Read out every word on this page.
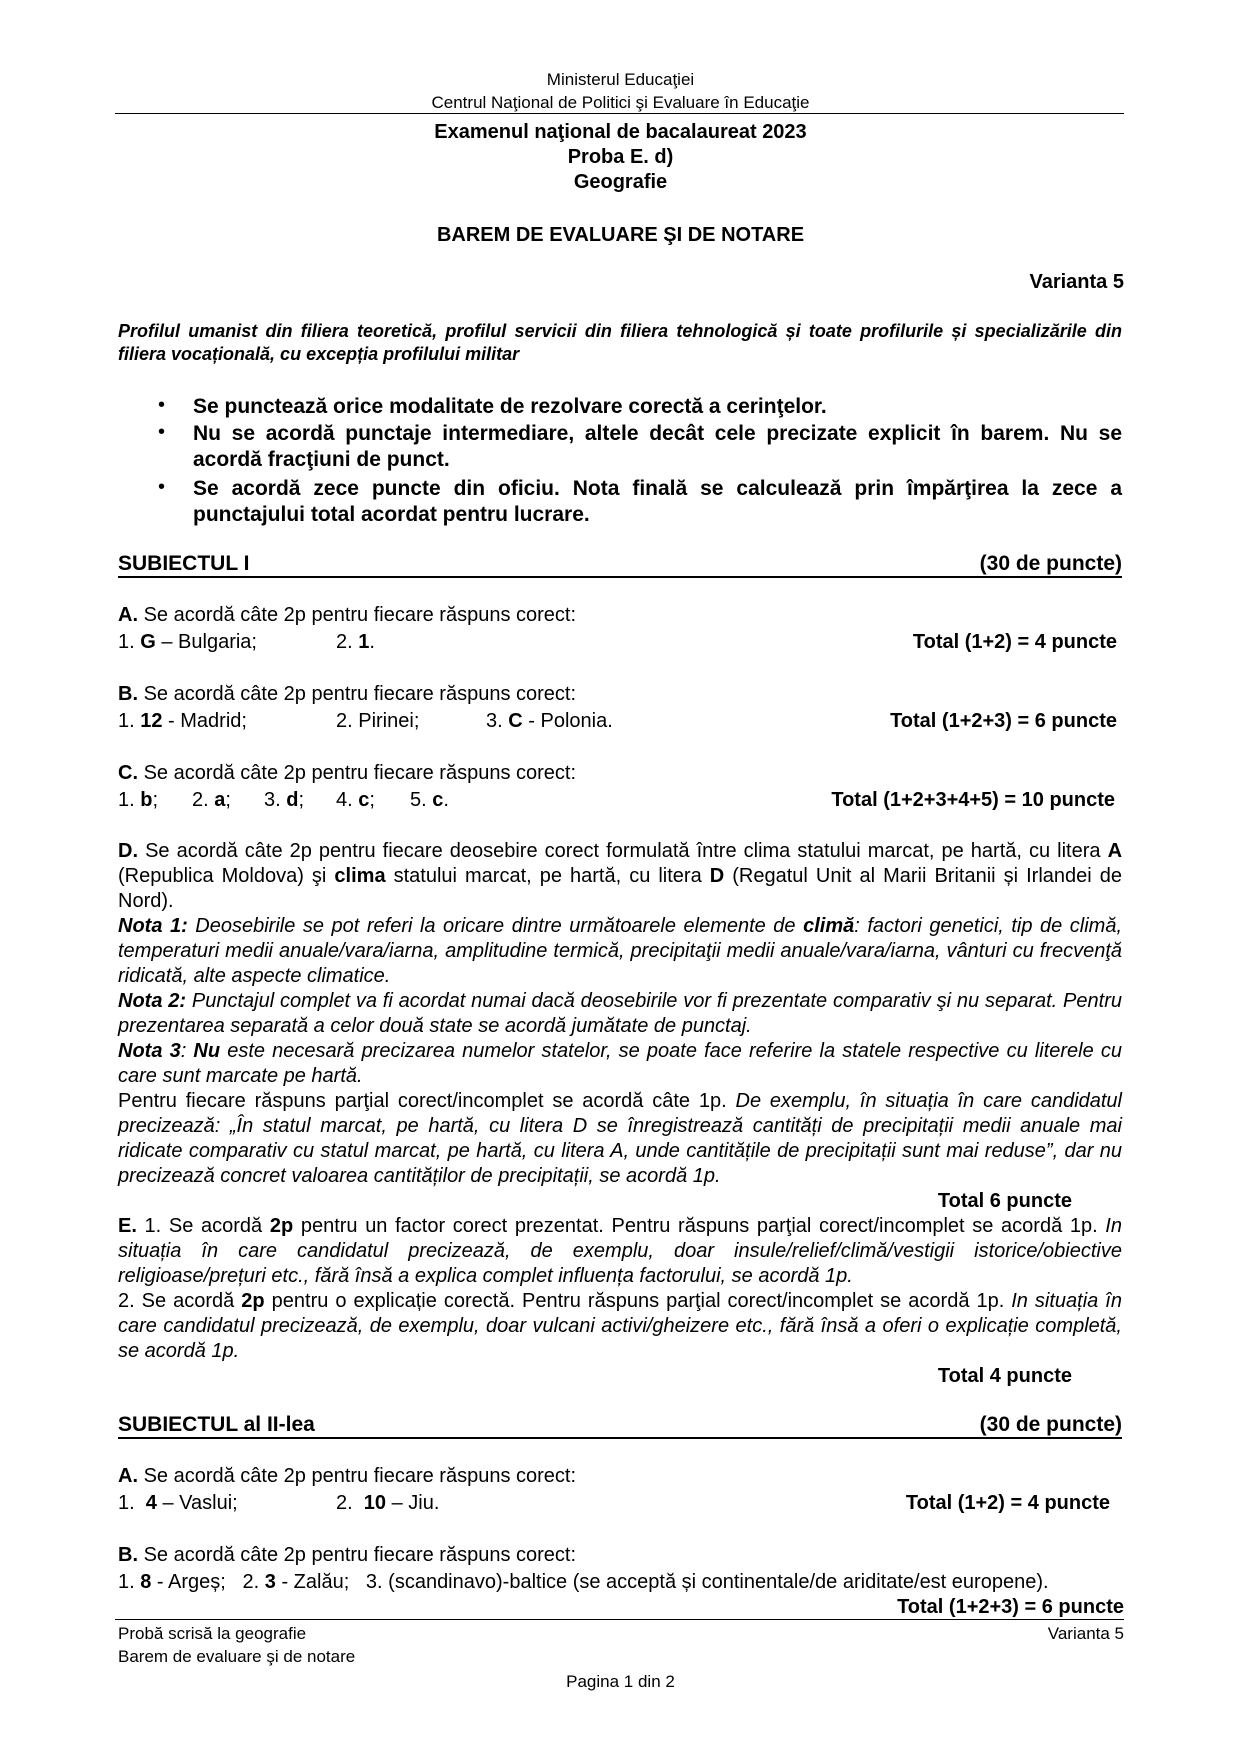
Ministerul Educaţiei
Centrul Naţional de Politici şi Evaluare în Educaţie
Examenul naţional de bacalaureat 2023
Proba E. d)
Geografie
BAREM DE EVALUARE ŞI DE NOTARE
Varianta 5
Profilul umanist din filiera teoretică, profilul servicii din filiera tehnologică și toate profilurile și specializările din filiera vocațională, cu excepția profilului militar
• Se punctează orice modalitate de rezolvare corectă a cerinţelor.
• Nu se acordă punctaje intermediare, altele decât cele precizate explicit în barem. Nu se acordă fracţiuni de punct.
• Se acordă zece puncte din oficiu. Nota finală se calculează prin împărţirea la zece a punctajului total acordat pentru lucrare.
SUBIECTUL I	(30 de puncte)
A. Se acordă câte 2p pentru fiecare răspuns corect:
1. G – Bulgaria;	2. 1.	Total (1+2) = 4 puncte
B. Se acordă câte 2p pentru fiecare răspuns corect:
1. 12 - Madrid;	2. Pirinei;	3. C - Polonia.	Total (1+2+3) = 6 puncte
C. Se acordă câte 2p pentru fiecare răspuns corect:
1. b; 2. a; 3. d; 4. c; 5. c.	Total (1+2+3+4+5) = 10 puncte
D. Se acordă câte 2p pentru fiecare deosebire corect formulată între clima statului marcat, pe hartă, cu litera A (Republica Moldova) şi clima statului marcat, pe hartă, cu litera D (Regatul Unit al Marii Britanii și Irlandei de Nord).
Nota 1: Deosebirile se pot referi la oricare dintre următoarele elemente de climă: factori genetici, tip de climă, temperaturi medii anuale/vara/iarna, amplitudine termică, precipitaţii medii anuale/vara/iarna, vânturi cu frecvenţă ridicată, alte aspecte climatice.
Nota 2: Punctajul complet va fi acordat numai dacă deosebirile vor fi prezentate comparativ şi nu separat. Pentru prezentarea separată a celor două state se acordă jumătate de punctaj.
Nota 3: Nu este necesară precizarea numelor statelor, se poate face referire la statele respective cu literele cu care sunt marcate pe hartă.
Pentru fiecare răspuns parţial corect/incomplet se acordă câte 1p. De exemplu, în situația în care candidatul precizează: „În statul marcat, pe hartă, cu litera D se înregistrează cantități de precipitații medii anuale mai ridicate comparativ cu statul marcat, pe hartă, cu litera A, unde cantitățile de precipitații sunt mai reduse”, dar nu precizează concret valoarea cantităților de precipitații, se acordă 1p.
Total 6 puncte
E. 1. Se acordă 2p pentru un factor corect prezentat. Pentru răspuns parţial corect/incomplet se acordă 1p. In situația în care candidatul precizează, de exemplu, doar insule/relief/climă/vestigii istorice/obiective religioase/prețuri etc., fără însă a explica complet influența factorului, se acordă 1p.
2. Se acordă 2p pentru o explicație corectă. Pentru răspuns parţial corect/incomplet se acordă 1p. In situația în care candidatul precizează, de exemplu, doar vulcani activi/gheizere etc., fără însă a oferi o explicație completă, se acordă 1p.
Total 4 puncte
SUBIECTUL al II-lea	(30 de puncte)
A. Se acordă câte 2p pentru fiecare răspuns corect:
1.  4 – Vaslui;	2.  10 – Jiu.	Total (1+2) = 4 puncte
B. Se acordă câte 2p pentru fiecare răspuns corect:
1. 8 - Argeș;   2. 3 - Zalău;   3. (scandinavo)-baltice (se acceptă și continentale/de ariditate/est europene).
Total (1+2+3) = 6 puncte
Probă scrisă la geografie
Barem de evaluare şi de notare
Varianta 5
Pagina 1 din 2
